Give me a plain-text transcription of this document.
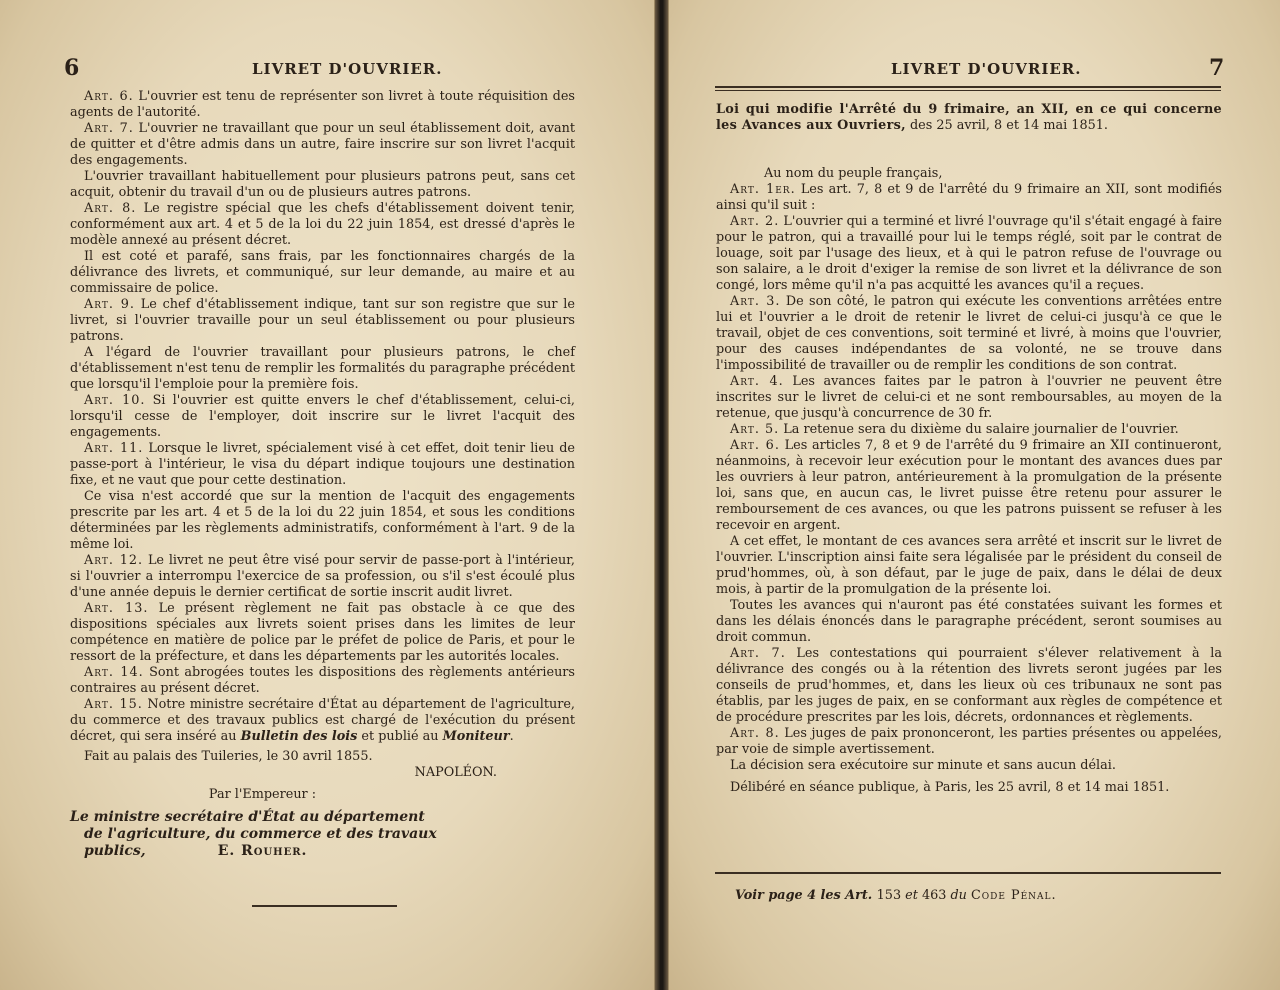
6	LIVRET D'OUVRIER.

Art. 6. L'ouvrier est tenu de représenter son livret à toute réquisition des agents de l'autorité.

Art. 7. L'ouvrier ne travaillant que pour un seul établissement doit, avant de quitter et d'être admis dans un autre, faire inscrire sur son livret l'acquit des engagements.

L'ouvrier travaillant habituellement pour plusieurs patrons peut, sans cet acquit, obtenir du travail d'un ou de plusieurs autres patrons.

Art. 8. Le registre spécial que les chefs d'établissement doivent tenir, conformément aux art. 4 et 5 de la loi du 22 juin 1854, est dressé d'après le modèle annexé au présent décret.

Il est coté et parafé, sans frais, par les fonctionnaires chargés de la délivrance des livrets, et communiqué, sur leur demande, au maire et au commissaire de police.

Art. 9. Le chef d'établissement indique, tant sur son registre que sur le livret, si l'ouvrier travaille pour un seul établissement ou pour plusieurs patrons.

A l'égard de l'ouvrier travaillant pour plusieurs patrons, le chef d'établissement n'est tenu de remplir les formalités du paragraphe précédent que lorsqu'il l'emploie pour la première fois.

Art. 10. Si l'ouvrier est quitte envers le chef d'établissement, celui-ci, lorsqu'il cesse de l'employer, doit inscrire sur le livret l'acquit des engagements.

Art. 11. Lorsque le livret, spécialement visé à cet effet, doit tenir lieu de passe-port à l'intérieur, le visa du départ indique toujours une destination fixe, et ne vaut que pour cette destination.

Ce visa n'est accordé que sur la mention de l'acquit des engagements prescrite par les art. 4 et 5 de la loi du 22 juin 1854, et sous les conditions déterminées par les règlements administratifs, conformément à l'art. 9 de la même loi.

Art. 12. Le livret ne peut être visé pour servir de passe-port à l'intérieur, si l'ouvrier a interrompu l'exercice de sa profession, ou s'il s'est écoulé plus d'une année depuis le dernier certificat de sortie inscrit audit livret.

Art. 13. Le présent règlement ne fait pas obstacle à ce que des dispositions spéciales aux livrets soient prises dans les limites de leur compétence en matière de police par le préfet de police de Paris, et pour le ressort de la préfecture, et dans les départements par les autorités locales.

Art. 14. Sont abrogées toutes les dispositions des règlements antérieurs contraires au présent décret.

Art. 15. Notre ministre secrétaire d'État au département de l'agriculture, du commerce et des travaux publics est chargé de l'exécution du présent décret, qui sera inséré au Bulletin des lois et publié au Moniteur.

Fait au palais des Tuileries, le 30 avril 1855.

NAPOLÉON.

Par l'Empereur :

Le ministre secrétaire d'État au département
de l'agriculture, du commerce et des travaux
publics,	E. Rouher.
LIVRET D'OUVRIER.	7

Loi qui modifie l'Arrêté du 9 frimaire, an XII, en ce qui concerne les Avances aux Ouvriers, des 25 avril, 8 et 14 mai 1851.

Au nom du peuple français,

Art. 1er. Les art. 7, 8 et 9 de l'arrêté du 9 frimaire an XII, sont modifiés ainsi qu'il suit :

Art. 2. L'ouvrier qui a terminé et livré l'ouvrage qu'il s'était engagé à faire pour le patron, qui a travaillé pour lui le temps réglé, soit par le contrat de louage, soit par l'usage des lieux, et à qui le patron refuse de l'ouvrage ou son salaire, a le droit d'exiger la remise de son livret et la délivrance de son congé, lors même qu'il n'a pas acquitté les avances qu'il a reçues.

Art. 3. De son côté, le patron qui exécute les conventions arrêtées entre lui et l'ouvrier a le droit de retenir le livret de celui-ci jusqu'à ce que le travail, objet de ces conventions, soit terminé et livré, à moins que l'ouvrier, pour des causes indépendantes de sa volonté, ne se trouve dans l'impossibilité de travailler ou de remplir les conditions de son contrat.

Art. 4. Les avances faites par le patron à l'ouvrier ne peuvent être inscrites sur le livret de celui-ci et ne sont remboursables, au moyen de la retenue, que jusqu'à concurrence de 30 fr.

Art. 5. La retenue sera du dixième du salaire journalier de l'ouvrier.

Art. 6. Les articles 7, 8 et 9 de l'arrêté du 9 frimaire an XII continueront, néanmoins, à recevoir leur exécution pour le montant des avances dues par les ouvriers à leur patron, antérieurement à la promulgation de la présente loi, sans que, en aucun cas, le livret puisse être retenu pour assurer le remboursement de ces avances, ou que les patrons puissent se refuser à les recevoir en argent.

A cet effet, le montant de ces avances sera arrêté et inscrit sur le livret de l'ouvrier. L'inscription ainsi faite sera légalisée par le président du conseil de prud'hommes, où, à son défaut, par le juge de paix, dans le délai de deux mois, à partir de la promulgation de la présente loi.

Toutes les avances qui n'auront pas été constatées suivant les formes et dans les délais énoncés dans le paragraphe précédent, seront soumises au droit commun.

Art. 7. Les contestations qui pourraient s'élever relativement à la délivrance des congés ou à la rétention des livrets seront jugées par les conseils de prud'hommes, et, dans les lieux où ces tribunaux ne sont pas établis, par les juges de paix, en se conformant aux règles de compétence et de procédure prescrites par les lois, décrets, ordonnances et règlements.

Art. 8. Les juges de paix prononceront, les parties présentes ou appelées, par voie de simple avertissement.

La décision sera exécutoire sur minute et sans aucun délai.

Délibéré en séance publique, à Paris, les 25 avril, 8 et 14 mai 1851.

Voir page 4 les Art. 153 et 463 du Code Pénal.
